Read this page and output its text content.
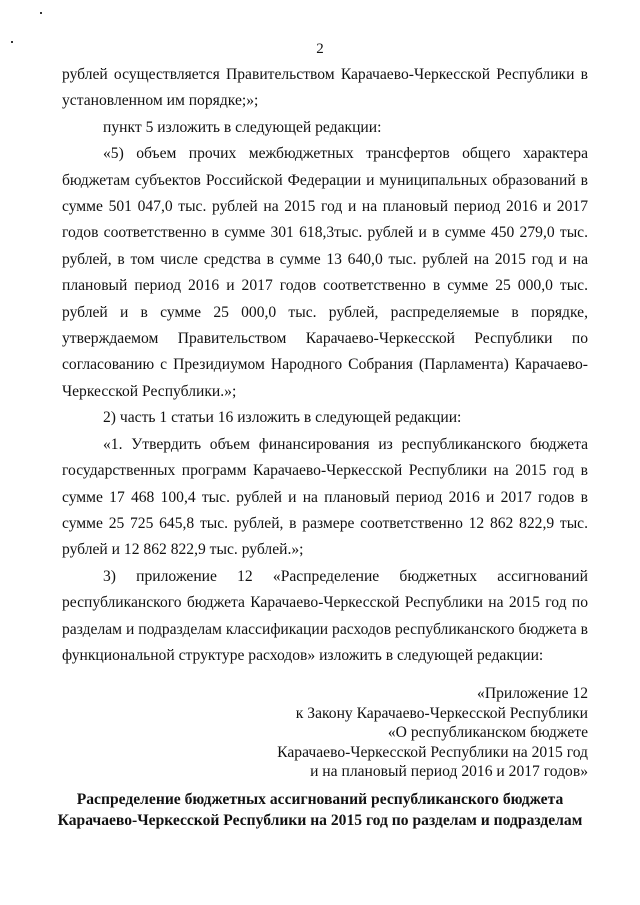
2

рублей осуществляется Правительством Карачаево-Черкесской Республики в установленном им порядке;»;

пункт 5 изложить в следующей редакции:

«5) объем прочих межбюджетных трансфертов общего характера бюджетам субъектов Российской Федерации и муниципальных образований в сумме 501 047,0 тыс. рублей на 2015 год и на плановый период 2016 и 2017 годов соответственно в сумме 301 618,3тыс. рублей и в сумме 450 279,0 тыс. рублей, в том числе средства в сумме 13 640,0 тыс. рублей на 2015 год и на плановый период 2016 и 2017 годов соответственно в сумме 25 000,0 тыс. рублей и в сумме 25 000,0 тыс. рублей, распределяемые в порядке, утверждаемом Правительством Карачаево-Черкесской Республики по согласованию с Президиумом Народного Собрания (Парламента) Карачаево-Черкесской Республики.»;

2) часть 1 статьи 16 изложить в следующей редакции:

«1. Утвердить объем финансирования из республиканского бюджета государственных программ Карачаево-Черкесской Республики на 2015 год в сумме 17 468 100,4 тыс. рублей и на плановый период 2016 и 2017 годов в сумме 25 725 645,8 тыс. рублей, в размере соответственно 12 862 822,9 тыс. рублей и 12 862 822,9 тыс. рублей.»;

3) приложение 12 «Распределение бюджетных ассигнований республиканского бюджета Карачаево-Черкесской Республики на 2015 год по разделам и подразделам классификации расходов республиканского бюджета в функциональной структуре расходов» изложить в следующей редакции:

«Приложение 12
к Закону Карачаево-Черкесской Республики
«О республиканском бюджете
Карачаево-Черкесской Республики на 2015 год
и на плановый период 2016 и 2017 годов»
Распределение бюджетных ассигнований республиканского бюджета
Карачаево-Черкесской Республики на 2015 год по разделам и подразделам
